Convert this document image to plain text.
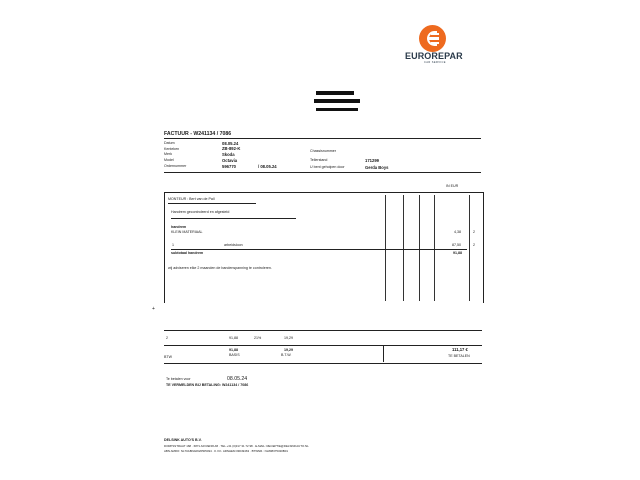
EUROREPAR
CAR SERVICE
FACTUUR - W241134 / 7086
Datum	08.05.24
Kenteken	ZB-892-K
Merk	Skoda
Model	Octavia
Ordernummer	596770	/ 08.05.24
Chassisnummer
Tellerstand	171299
U bent geholpen door	Gerda Boys
IN EUR
MONTEUR : Bert van de Pall
Handrem gecontroleerd en afgesteld
handrem
KLEIN MATERIAAL	4,38	2
1	arbeidsloon	87,50	2
subtotaal handrem	91,88
wij adviseren elke 2 maanden de bandenspanning te controleren.
+
2	91,88	21%	19,29
91,88	19,29
BASIS	B.T.W.
BTW
111,17 €
TE BETALEN
Te betalen voor	08.05.24
TE VERMELDEN BIJ BETALING: W241134 / 7086
DELSINK AUTO'S B.V.
DORPSSTRAAT 168 · 6871 AR RENKUM · TEL +31 (0)317 31 72 98 · E-MAIL: RECEPTIE@DELSINKAUTO.NL
ABN AMRO: NL70ABNA0620505494 · K.V.K. ARNHEM 09049463 · BTWNR.: NL808375320B01
